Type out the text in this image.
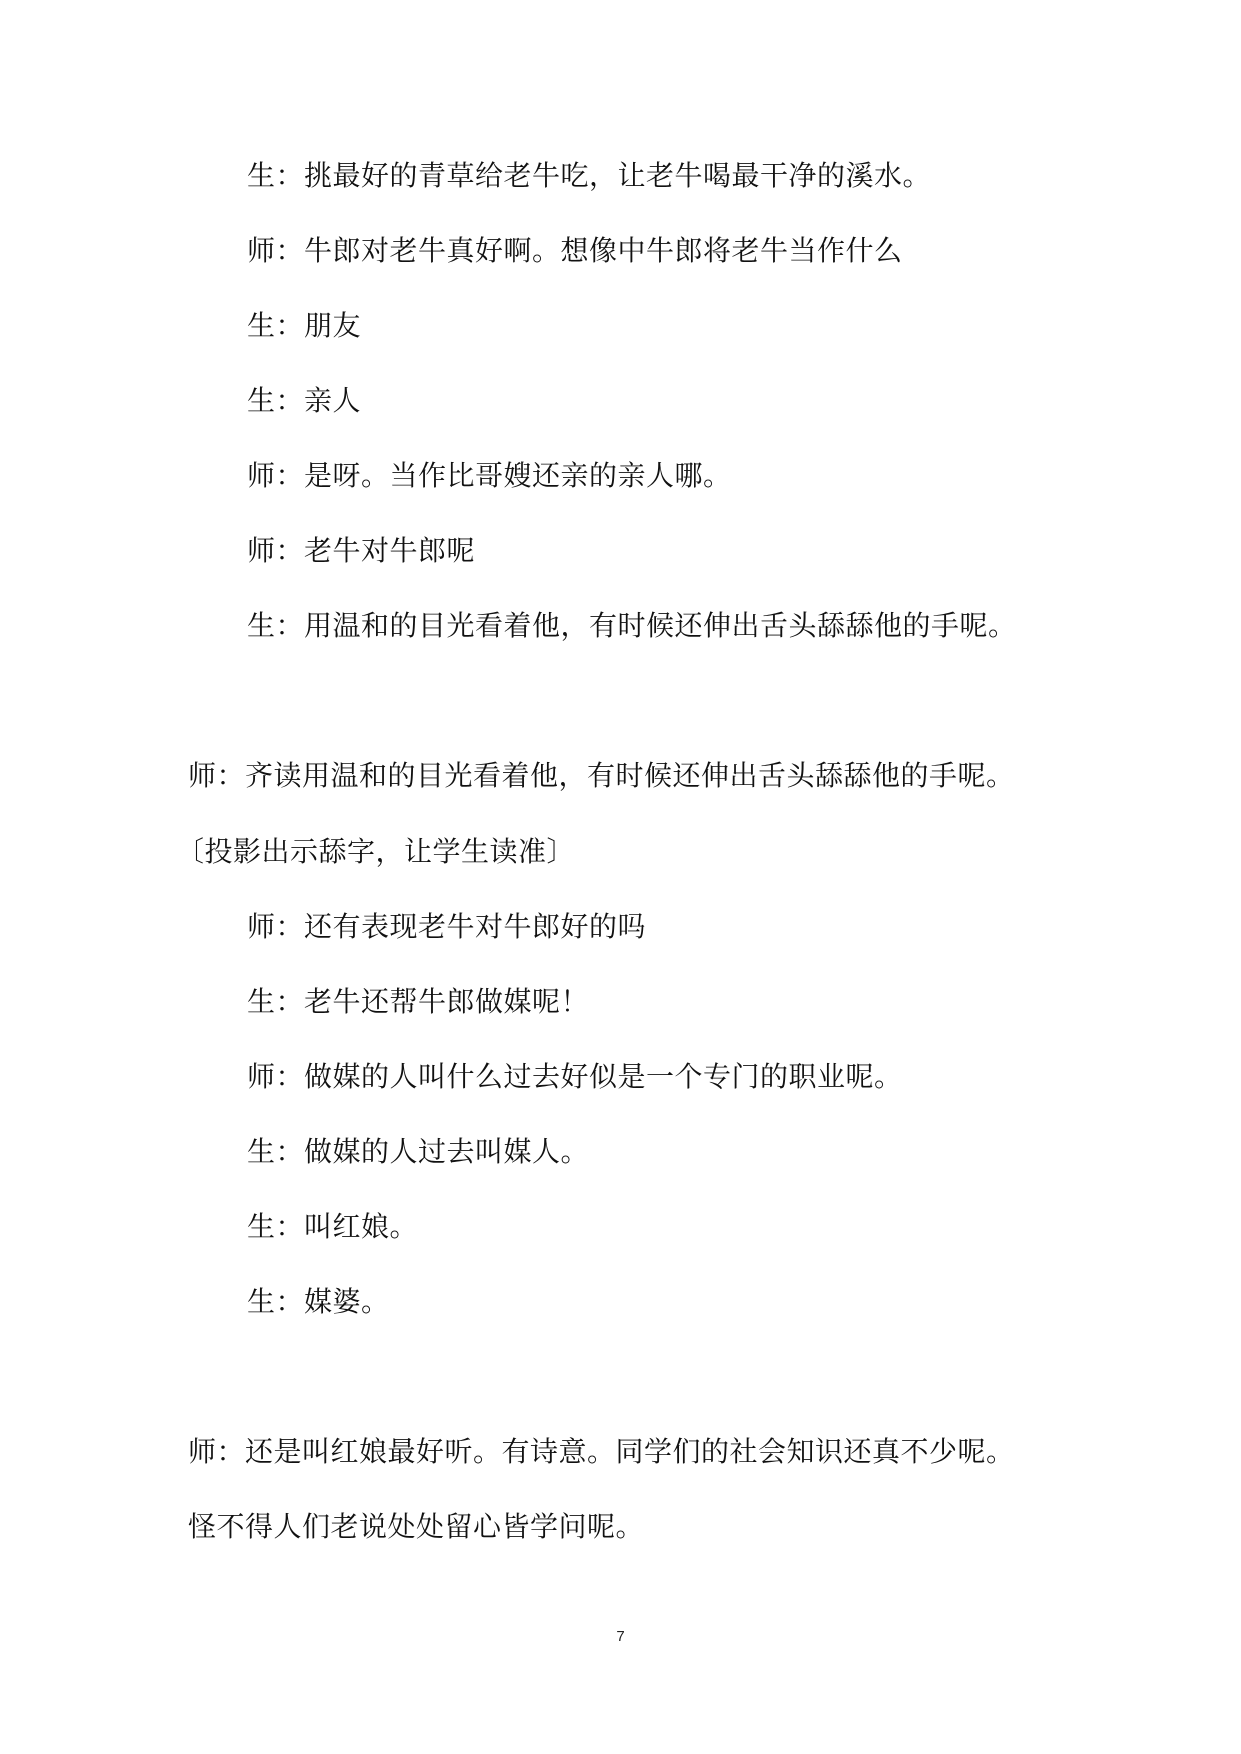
生：挑最好的青草给老牛吃，让老牛喝最干净的溪水。
师：牛郎对老牛真好啊。想像中牛郎将老牛当作什么
生：朋友
生：亲人
师：是呀。当作比哥嫂还亲的亲人哪。
师：老牛对牛郎呢
生：用温和的目光看着他，有时候还伸出舌头舔舔他的手呢。
师：齐读用温和的目光看着他，有时候还伸出舌头舔舔他的手呢。
〔投影出示舔字，让学生读准〕
师：还有表现老牛对牛郎好的吗
生：老牛还帮牛郎做媒呢！
师：做媒的人叫什么过去好似是一个专门的职业呢。
生：做媒的人过去叫媒人。
生：叫红娘。
生：媒婆。
师：还是叫红娘最好听。有诗意。同学们的社会知识还真不少呢。
怪不得人们老说处处留心皆学问呢。
7
